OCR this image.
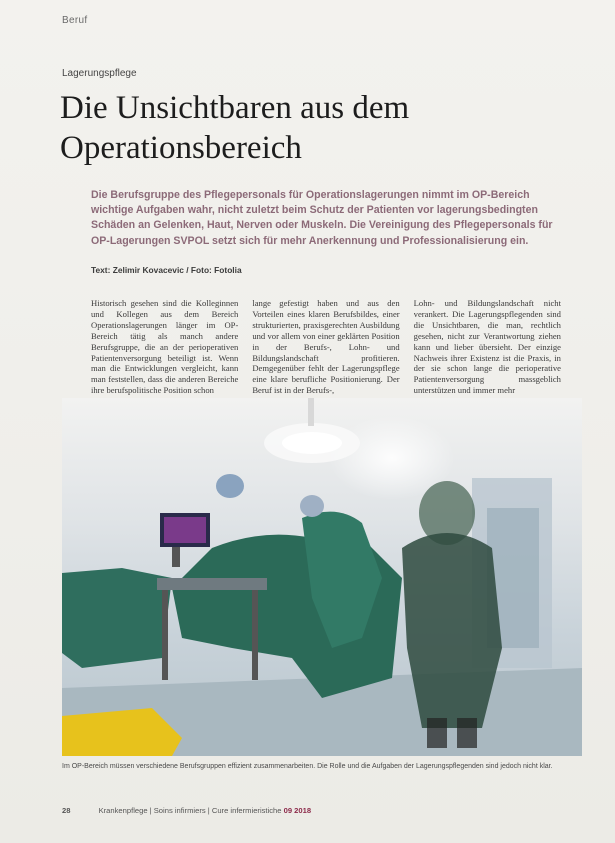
Beruf
Lagerungspflege
Die Unsichtbaren aus dem Operationsbereich

Die Berufsgruppe des Pflegepersonals für Operationslagerungen nimmt im OP-Bereich wichtige Aufgaben wahr, nicht zuletzt beim Schutz der Patienten vor lagerungsbedingten Schäden an Gelenken, Haut, Nerven oder Muskeln. Die Vereinigung des Pflegepersonals für OP-Lagerungen SVPOL setzt sich für mehr Anerkennung und Professionalisierung ein.

Text: Zelimir Kovacevic / Foto: Fotolia

Historisch gesehen sind die Kolleginnen und Kollegen aus dem Bereich Operationslagerungen länger im OP-Bereich tätig als manch andere Berufsgruppe, die an der perioperativen Patientenversorgung beteiligt ist. Wenn man die Entwicklungen vergleicht, kann man feststellen, dass die anderen Bereiche ihre berufspolitische Position schon

lange gefestigt haben und aus den Vorteilen eines klaren Berufsbildes, einer strukturierten, praxisgerechten Ausbildung und vor allem von einer geklärten Position in der Berufs-, Lohn- und Bildungslandschaft profitieren. Demgegenüber fehlt der Lagerungspflege eine klare berufliche Positionierung. Der Beruf ist in der Berufs-,

Lohn- und Bildungslandschaft nicht verankert. Die Lagerungspflegenden sind die Unsichtbaren, die man, rechtlich gesehen, nicht zur Verantwortung ziehen kann und lieber übersieht. Der einzige Nachweis ihrer Existenz ist die Praxis, in der sie schon lange die perioperative Patientenversorgung massgeblich unterstützen und immer mehr

Im OP-Bereich müssen verschiedene Berufsgruppen effizient zusammenarbeiten. Die Rolle und die Aufgaben der Lagerungspflegenden sind jedoch nicht klar.

28	Krankenpflege | Soins infirmiers | Cure infermieristiche 09 2018
